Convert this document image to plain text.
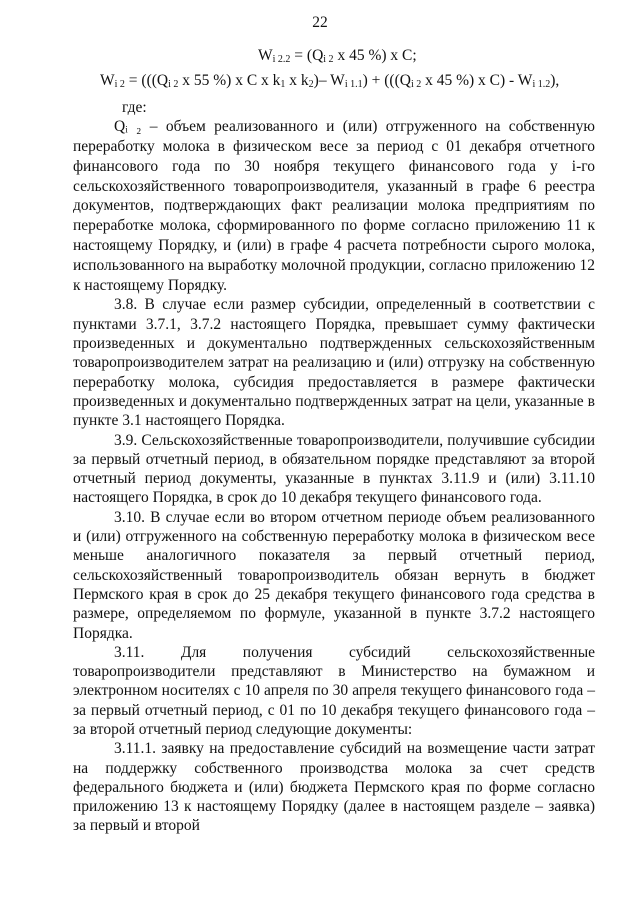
22
$W_{i 2.2} = (Q_{i 2}$ x 45 %) x C;
$W_{i 2} = (((Q_{i 2}$ x 55 %) x C x $k_1$ x $k_2)-$ $W_{i 1.1}) + (((Q_{i 2}$ x 45 %) x $C) - W_{i 1.2}$),

где:

Qᵢ ₂ – объем реализованного и (или) отгруженного на собственную переработку молока в физическом весе за период с 01 декабря отчетного финансового года по 30 ноября текущего финансового года у i-го сельскохозяйственного товаропроизводителя, указанный в графе 6 реестра документов, подтверждающих факт реализации молока предприятиям по переработке молока, сформированного по форме согласно приложению 11 к настоящему Порядку, и (или) в графе 4 расчета потребности сырого молока, использованного на выработку молочной продукции, согласно приложению 12 к настоящему Порядку.

3.8. В случае если размер субсидии, определенный в соответствии с пунктами 3.7.1, 3.7.2 настоящего Порядка, превышает сумму фактически произведенных и документально подтвержденных сельскохозяйственным товаропроизводителем затрат на реализацию и (или) отгрузку на собственную переработку молока, субсидия предоставляется в размере фактически произведенных и документально подтвержденных затрат на цели, указанные в пункте 3.1 настоящего Порядка.

3.9. Сельскохозяйственные товаропроизводители, получившие субсидии за первый отчетный период, в обязательном порядке представляют за второй отчетный период документы, указанные в пунктах 3.11.9 и (или) 3.11.10 настоящего Порядка, в срок до 10 декабря текущего финансового года.

3.10. В случае если во втором отчетном периоде объем реализованного и (или) отгруженного на собственную переработку молока в физическом весе меньше аналогичного показателя за первый отчетный период, сельскохозяйственный товаропроизводитель обязан вернуть в бюджет Пермского края в срок до 25 декабря текущего финансового года средства в размере, определяемом по формуле, указанной в пункте 3.7.2 настоящего Порядка.

3.11. Для получения субсидий сельскохозяйственные товаропроизводители представляют в Министерство на бумажном и электронном носителях с 10 апреля по 30 апреля текущего финансового года – за первый отчетный период, с 01 по 10 декабря текущего финансового года – за второй отчетный период следующие документы:

3.11.1. заявку на предоставление субсидий на возмещение части затрат на поддержку собственного производства молока за счет средств федерального бюджета и (или) бюджета Пермского края по форме согласно приложению 13 к настоящему Порядку (далее в настоящем разделе – заявка) за первый и второй
